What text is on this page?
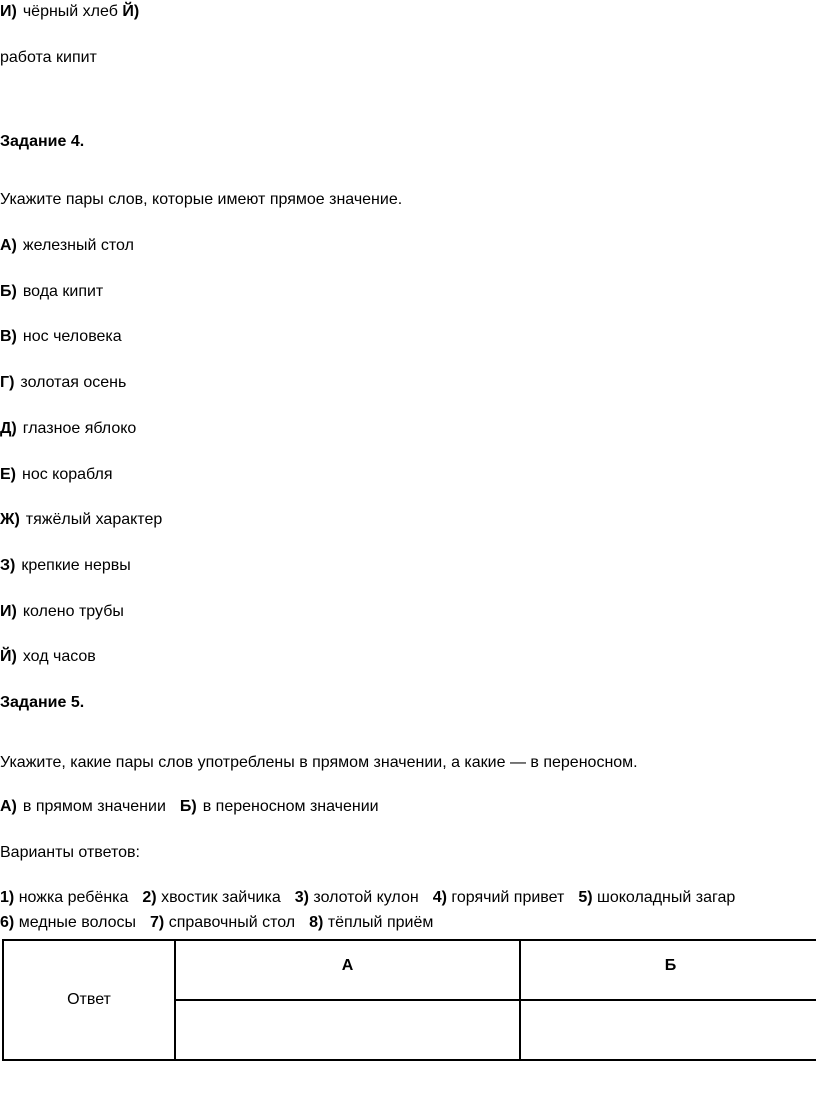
И) чёрный хлеб Й)
работа кипит
Задание 4.
Укажите пары слов, которые имеют прямое значение.
А) железный стол
Б) вода кипит
В) нос человека
Г) золотая осень
Д) глазное яблоко
Е) нос корабля
Ж) тяжёлый характер
З) крепкие нервы
И) колено трубы
Й) ход часов
Задание 5.
Укажите, какие пары слов употреблены в прямом значении, а какие — в переносном.
А) в прямом значении Б) в переносном значении
Варианты ответов:
1) ножка ребёнка 2) хвостик зайчика 3) золотой кулон 4) горячий привет 5) шоколадный загар
6) медные волосы 7) справочный стол 8) тёплый приём
Ответ	А	Б
